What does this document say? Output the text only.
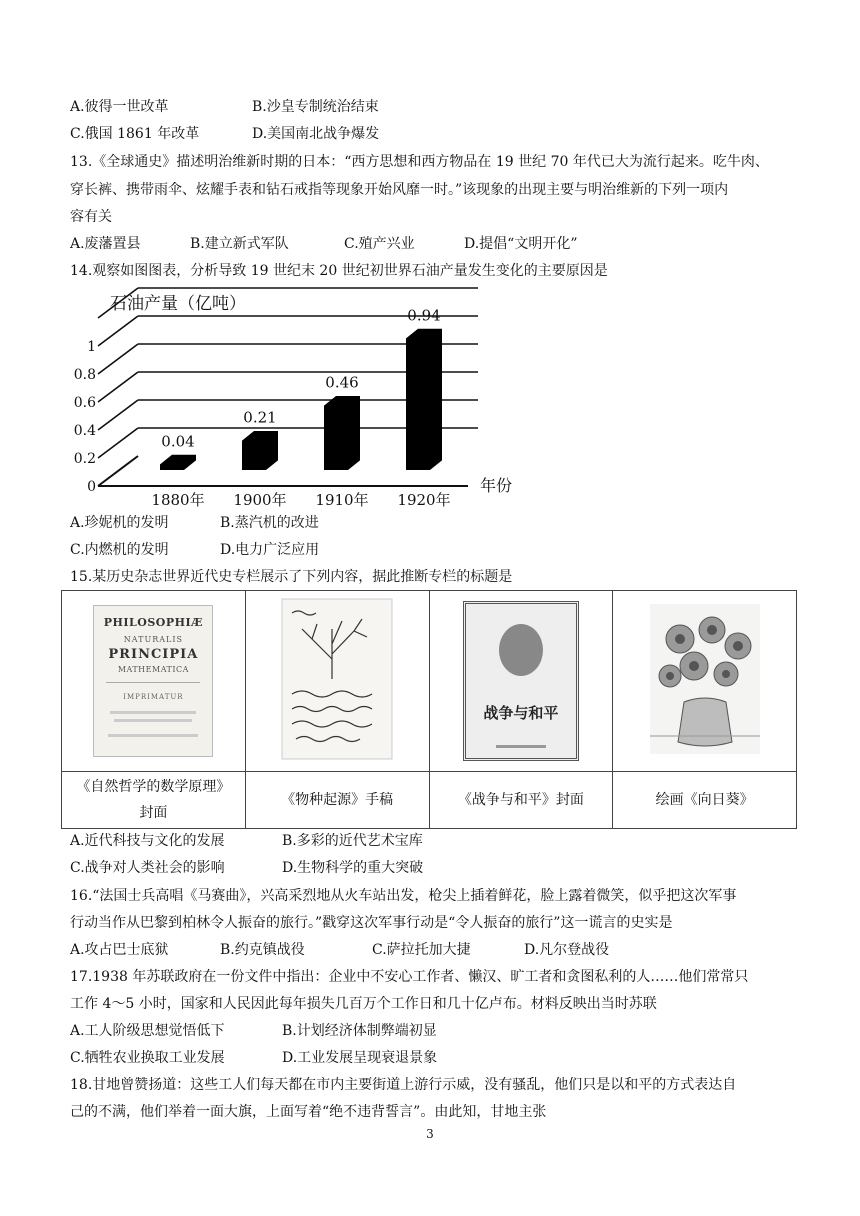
A.彼得一世改革	B.沙皇专制统治结束
C.俄国 1861 年改革	D.美国南北战争爆发
13.《全球通史》描述明治维新时期的日本：“西方思想和西方物品在 19 世纪 70 年代已大为流行起来。吃牛肉、
穿长裤、携带雨伞、炫耀手表和钻石戒指等现象开始风靡一时。”该现象的出现主要与明治维新的下列一项内
容有关
A.废藩置县	B.建立新式军队	C.殖产兴业	D.提倡“文明开化”
14.观察如图图表，分析导致 19 世纪末 20 世纪初世界石油产量发生变化的主要原因是
石油产量（亿吨）
0
0.2
0.4
0.6
0.8
1
0.04
1880年
0.21
1900年
0.46
1910年
0.94
1920年
年份
A.珍妮机的发明	B.蒸汽机的改进
C.内燃机的发明	D.电力广泛应用
15.某历史杂志世界近代史专栏展示了下列内容，据此推断专栏的标题是
PHILOSOPHIÆ
NATURALIS
PRINCIPIA
MATHEMATICA
IMPRIMATUR		战争与和平

《自然哲学的数学原理》
封面	《物种起源》手稿	《战争与和平》封面	绘画《向日葵》
A.近代科技与文化的发展	B.多彩的近代艺术宝库
C.战争对人类社会的影响	D.生物科学的重大突破
16.“法国士兵高唱《马赛曲》，兴高采烈地从火车站出发，枪尖上插着鲜花，脸上露着微笑，似乎把这次军事
行动当作从巴黎到柏林令人振奋的旅行。”戳穿这次军事行动是“令人振奋的旅行”这一谎言的史实是
A.攻占巴士底狱	B.约克镇战役	C.萨拉托加大捷	D.凡尔登战役
17.1938 年苏联政府在一份文件中指出：企业中不安心工作者、懒汉、旷工者和贪图私利的人……他们常常只
工作 4～5 小时，国家和人民因此每年损失几百万个工作日和几十亿卢布。材料反映出当时苏联
A.工人阶级思想觉悟低下	B.计划经济体制弊端初显
C.牺牲农业换取工业发展	D.工业发展呈现衰退景象
18.甘地曾赞扬道：这些工人们每天都在市内主要街道上游行示威，没有骚乱，他们只是以和平的方式表达自
己的不满，他们举着一面大旗，上面写着“绝不违背誓言”。由此知，甘地主张
3
